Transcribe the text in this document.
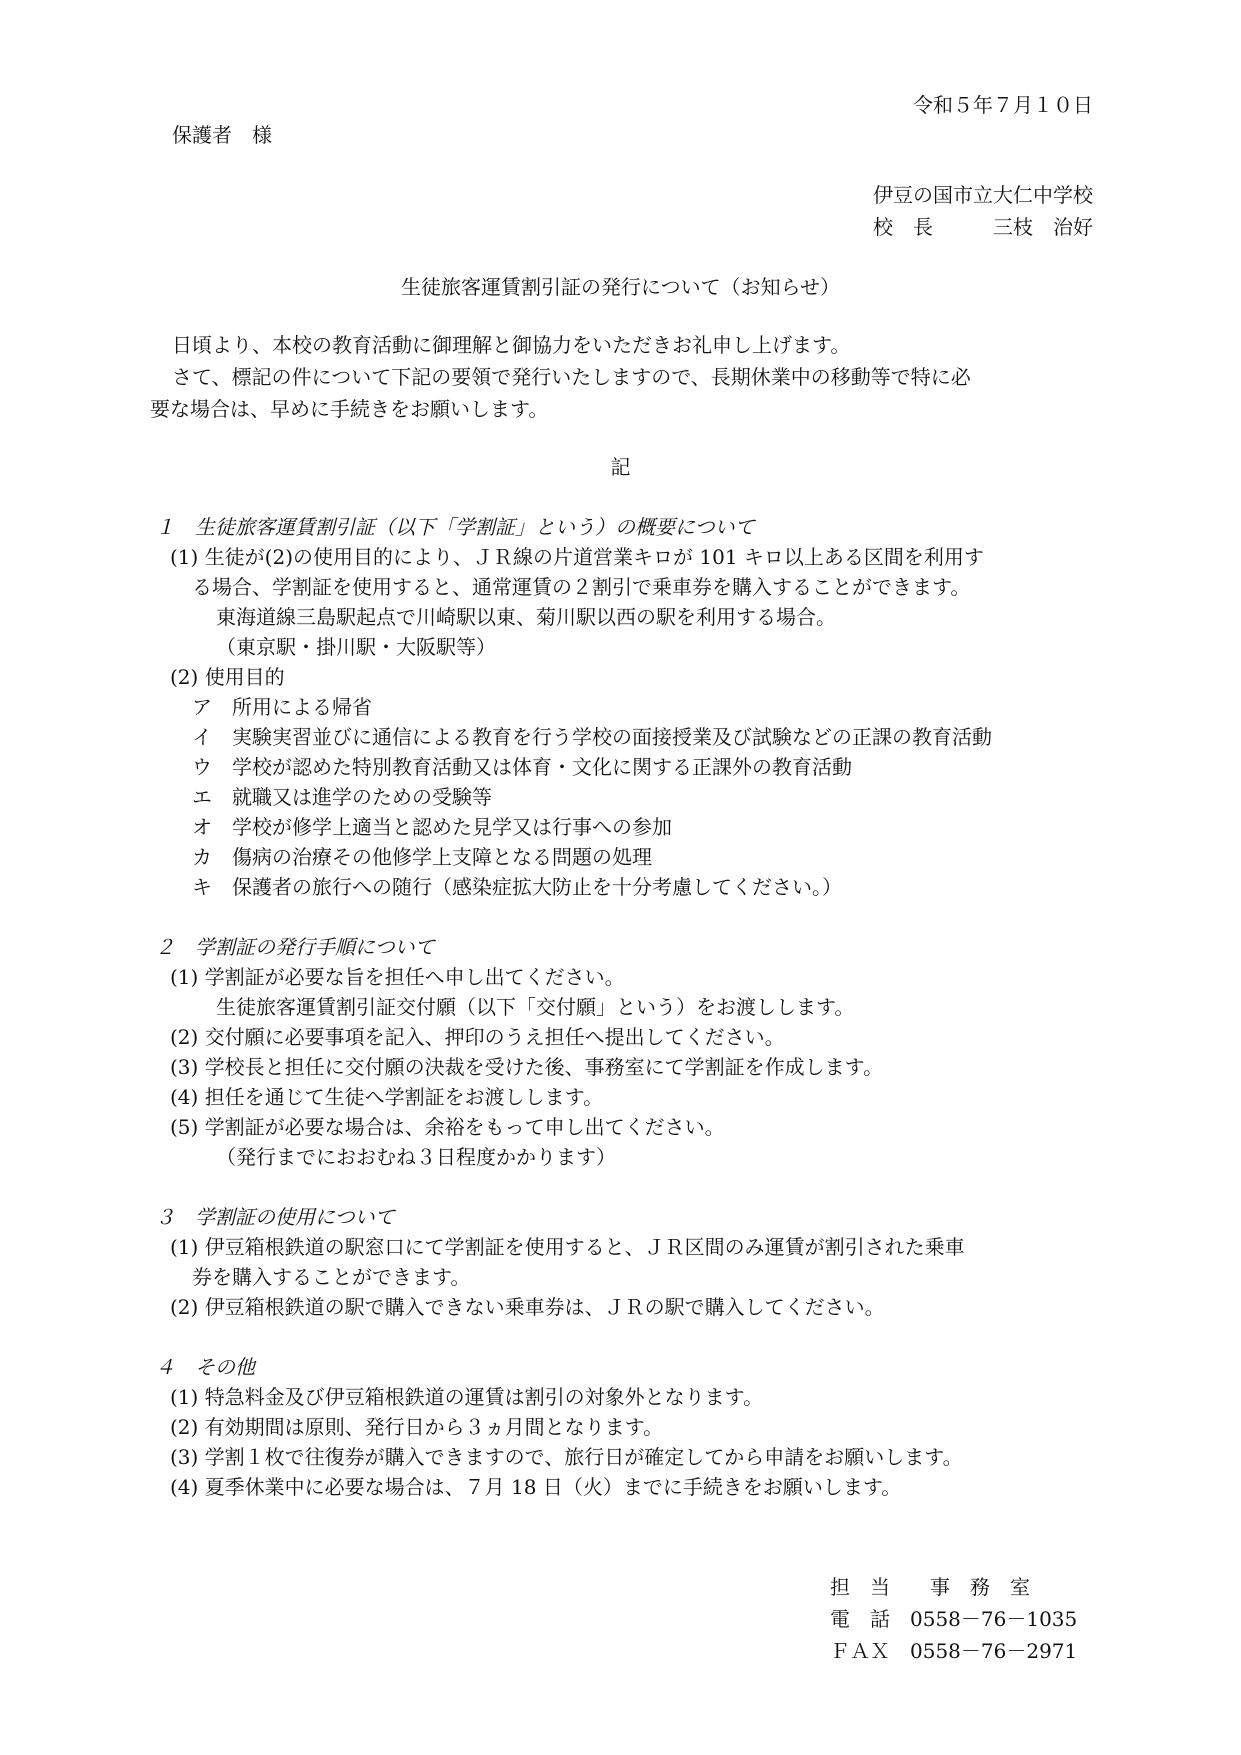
令和５年７月１０日
保護者　様
伊豆の国市立大仁中学校
校　長　　　三枝　治好
生徒旅客運賃割引証の発行について（お知らせ）
日頃より、本校の教育活動に御理解と御協力をいただきお礼申し上げます。
さて、標記の件について下記の要領で発行いたしますので、長期休業中の移動等で特に必
要な場合は、早めに手続きをお願いします。
記
１　生徒旅客運賃割引証（以下「学割証」という）の概要について
(1) 生徒が(2)の使用目的により、ＪＲ線の片道営業キロが 101 キロ以上ある区間を利用す
る場合、学割証を使用すると、通常運賃の２割引で乗車券を購入することができます。
東海道線三島駅起点で川崎駅以東、菊川駅以西の駅を利用する場合。
（東京駅・掛川駅・大阪駅等）
(2) 使用目的
ア　所用による帰省
イ　実験実習並びに通信による教育を行う学校の面接授業及び試験などの正課の教育活動
ウ　学校が認めた特別教育活動又は体育・文化に関する正課外の教育活動
エ　就職又は進学のための受験等
オ　学校が修学上適当と認めた見学又は行事への参加
カ　傷病の治療その他修学上支障となる問題の処理
キ　保護者の旅行への随行（感染症拡大防止を十分考慮してください。）
２　学割証の発行手順について
(1) 学割証が必要な旨を担任へ申し出てください。
生徒旅客運賃割引証交付願（以下「交付願」という）をお渡しします。
(2) 交付願に必要事項を記入、押印のうえ担任へ提出してください。
(3) 学校長と担任に交付願の決裁を受けた後、事務室にて学割証を作成します。
(4) 担任を通じて生徒へ学割証をお渡しします。
(5) 学割証が必要な場合は、余裕をもって申し出てください。
（発行までにおおむね３日程度かかります）
３　学割証の使用について
(1) 伊豆箱根鉄道の駅窓口にて学割証を使用すると、ＪＲ区間のみ運賃が割引された乗車
券を購入することができます。
(2) 伊豆箱根鉄道の駅で購入できない乗車券は、ＪＲの駅で購入してください。
４　その他
(1) 特急料金及び伊豆箱根鉄道の運賃は割引の対象外となります。
(2) 有効期間は原則、発行日から３ヵ月間となります。
(3) 学割１枚で往復券が購入できますので、旅行日が確定してから申請をお願いします。
(4) 夏季休業中に必要な場合は、７月 18 日（火）までに手続きをお願いします。
担　当　　事　務　室
電　話　0558－76－1035
ＦＡＸ　0558－76－2971
